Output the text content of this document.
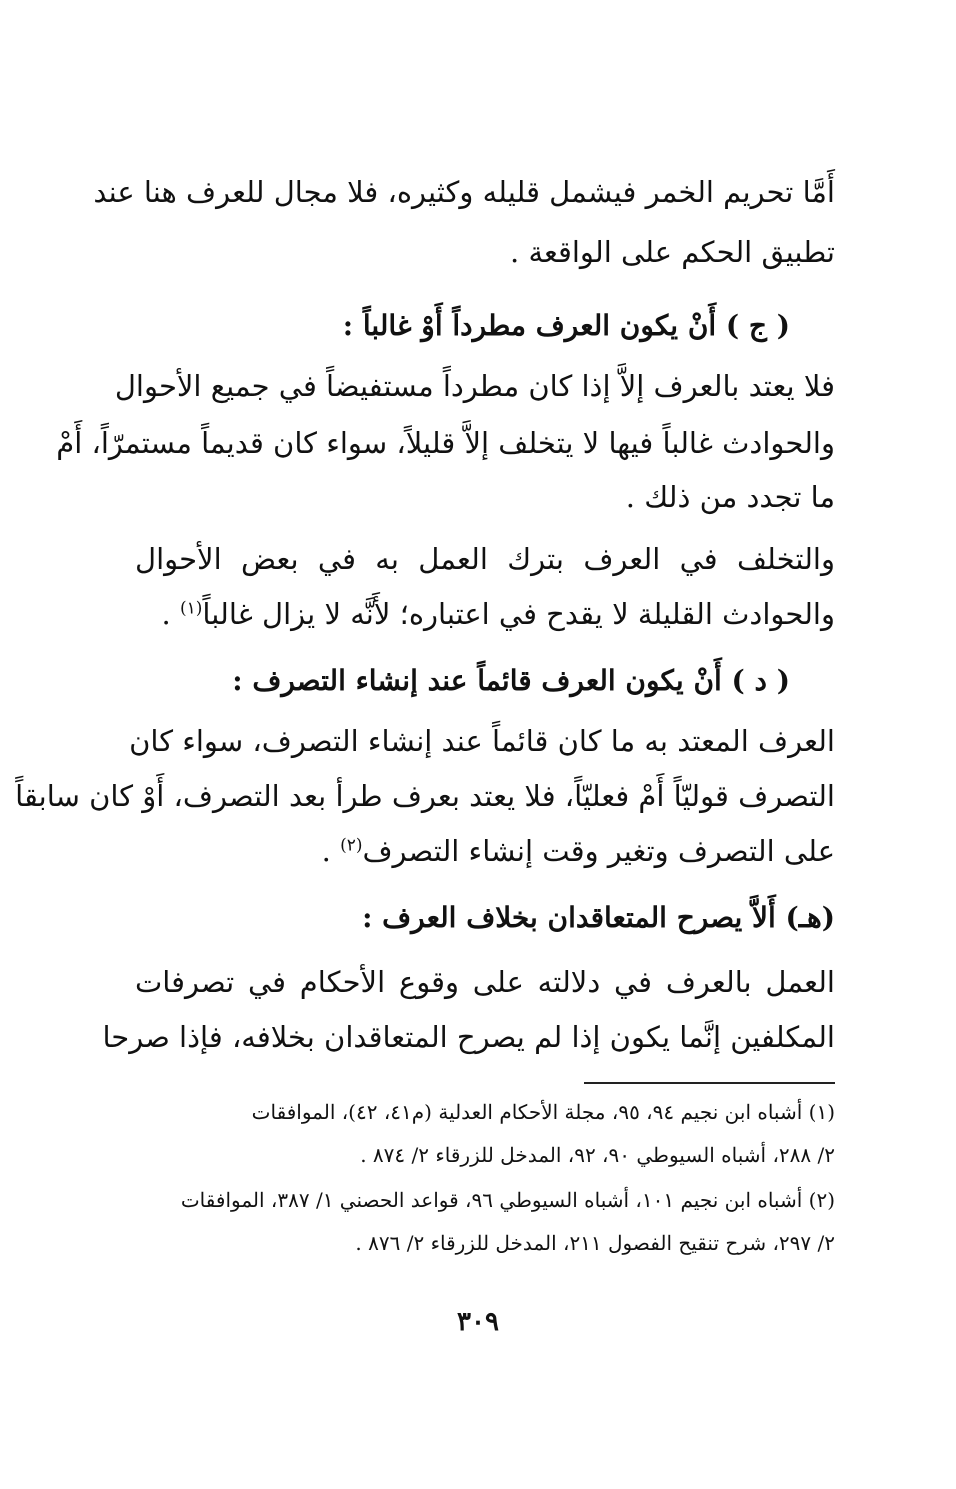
أَمَّا تحريم الخمر فيشمل قليله وكثيره، فلا مجال للعرف هنا عند
تطبيق الحكم على الواقعة .
( ج ) أَنْ يكون العرف مطرداً أَوْ غالباً :
فلا يعتد بالعرف إلاَّ إذا كان مطرداً مستفيضاً في جميع الأحوال
والحوادث غالباً فيها لا يتخلف إلاَّ قليلاً، سواء كان قديماً مستمرّاً، أَمْ
ما تجدد من ذلك .
والتخلف في العرف بترك العمل به في بعض الأحوال
والحوادث القليلة لا يقدح في اعتباره؛ لأَنَّه لا يزال غالباً$^{(١)}$ .
( د ) أَنْ يكون العرف قائماً عند إنشاء التصرف :
العرف المعتد به ما كان قائماً عند إنشاء التصرف، سواء كان
التصرف قوليّاً أَمْ فعليّاً، فلا يعتد بعرف طرأ بعد التصرف، أَوْ كان سابقاً
على التصرف وتغير وقت إنشاء التصرف$^{(٢)}$ .
(هـ) أَلاَّ يصرح المتعاقدان بخلاف العرف :
العمل بالعرف في دلالته على وقوع الأحكام في تصرفات
المكلفين إنَّما يكون إذا لم يصرح المتعاقدان بخلافه، فإذا صرحا
(١) أشباه ابن نجيم ٩٤، ٩٥، مجلة الأحكام العدلية (م٤١، ٤٢)، الموافقات
٢/ ٢٨٨، أشباه السيوطي ٩٠، ٩٢، المدخل للزرقاء ٢/ ٨٧٤ .
(٢) أشباه ابن نجيم ١٠١، أشباه السيوطي ٩٦، قواعد الحصني ١/ ٣٨٧، الموافقات
٢/ ٢٩٧، شرح تنقيح الفصول ٢١١، المدخل للزرقاء ٢/ ٨٧٦ .
٣٠٩
